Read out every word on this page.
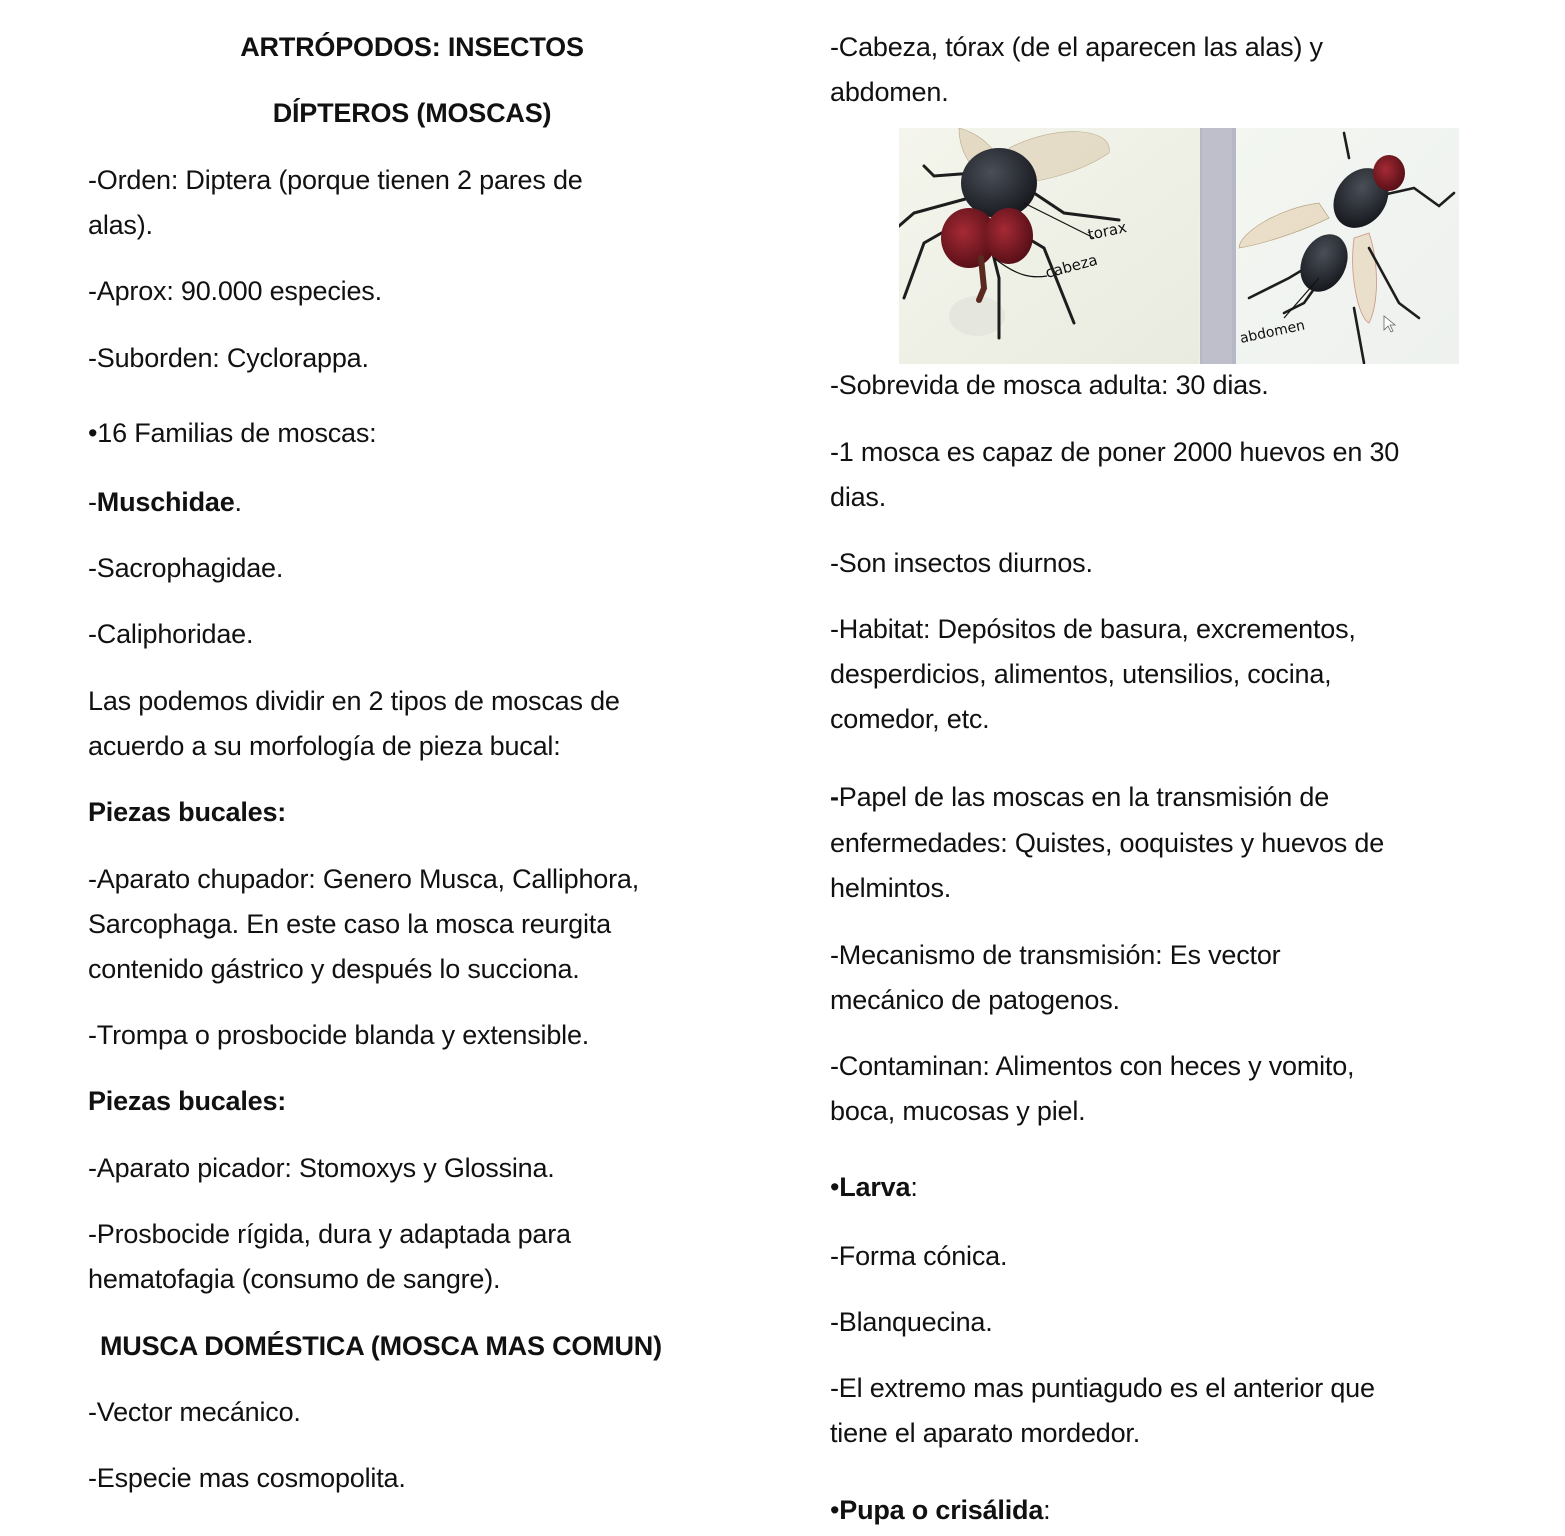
ARTRÓPODOS: INSECTOS

DÍPTEROS (MOSCAS)

-Orden: Diptera (porque tienen 2 pares de

alas).

-Aprox: 90.000 especies.

-Suborden: Cyclorappa.

•16 Familias de moscas:

-Muschidae.

-Sacrophagidae.

-Caliphoridae.

Las podemos dividir en 2 tipos de moscas de

acuerdo a su morfología de pieza bucal:

Piezas bucales:

-Aparato chupador: Genero Musca, Calliphora,

Sarcophaga. En este caso la mosca reurgita

contenido gástrico y después lo succiona.

-Trompa o prosbocide blanda y extensible.

Piezas bucales:

-Aparato picador: Stomoxys y Glossina.

-Prosbocide rígida, dura y adaptada para

hematofagia (consumo de sangre).

MUSCA DOMÉSTICA (MOSCA MAS COMUN)

-Vector mecánico.

-Especie mas cosmopolita.

-Cabeza, tórax (de el aparecen las alas) y

abdomen.

-Sobrevida de mosca adulta: 30 dias.

-1 mosca es capaz de poner 2000 huevos en 30

dias.

-Son insectos diurnos.

-Habitat: Depósitos de basura, excrementos,

desperdicios, alimentos, utensilios, cocina,

comedor, etc.

-Papel de las moscas en la transmisión de

enfermedades: Quistes, ooquistes y huevos de

helmintos.

-Mecanismo de transmisión: Es vector

mecánico de patogenos.

-Contaminan: Alimentos con heces y vomito,

boca, mucosas y piel.

•Larva:

-Forma cónica.

-Blanquecina.

-El extremo mas puntiagudo es el anterior que

tiene el aparato mordedor.

•Pupa o crisálida:

torax
cabeza
abdomen
